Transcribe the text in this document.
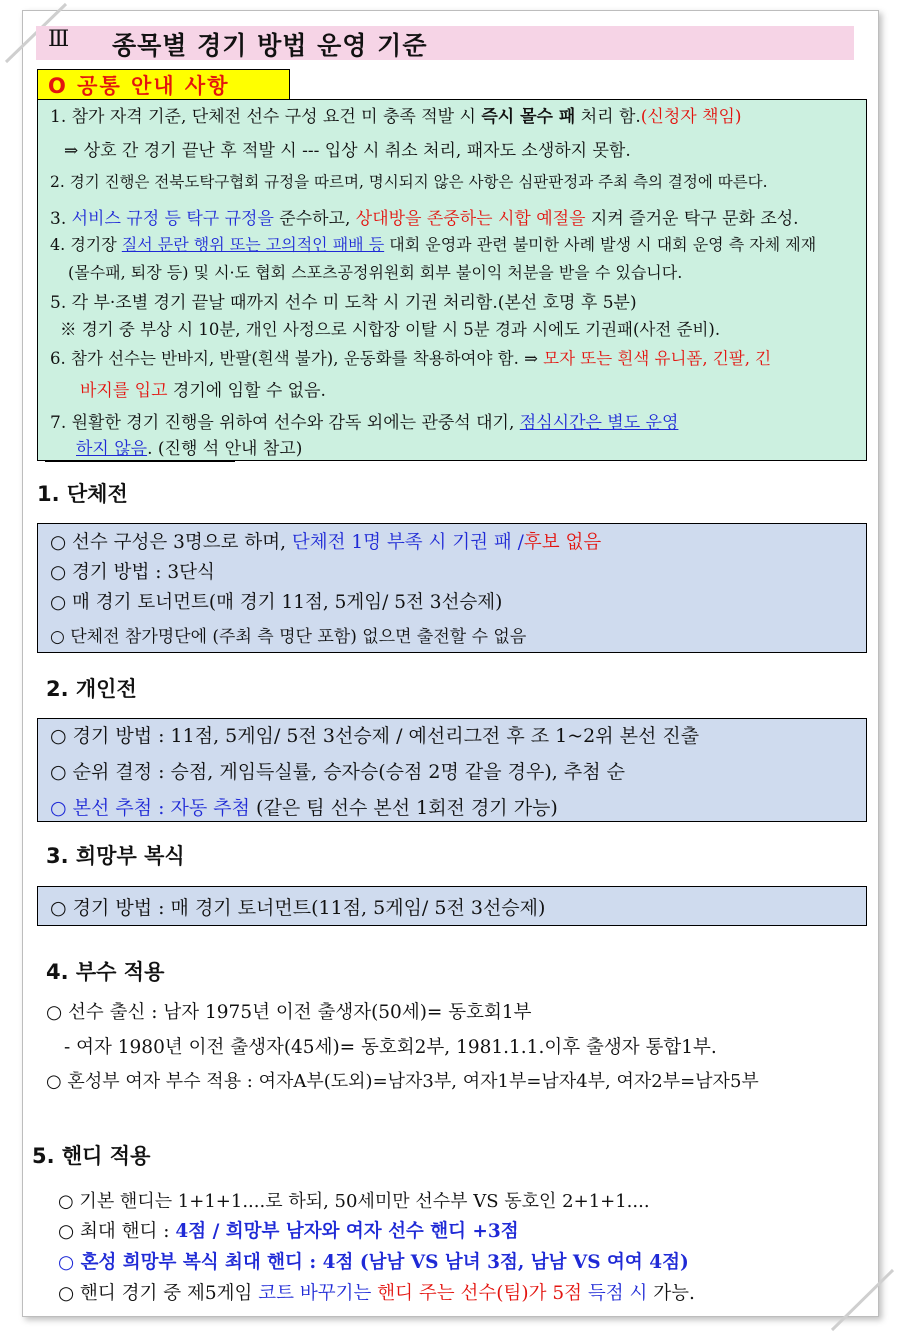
Ⅲ 종목별 경기 방법 운영 기준
O 공통 안내 사항
1. 참가 자격 기준, 단체전 선수 구성 요건 미 충족 적발 시 즉시 몰수 패 처리 함.(신청자 책임)
⇒ 상호 간 경기 끝난 후 적발 시 --- 입상 시 취소 처리, 패자도 소생하지 못함.
2. 경기 진행은 전북도탁구협회 규정을 따르며, 명시되지 않은 사항은 심판판정과 주최 측의 결정에 따른다.
3. 서비스 규정 등 탁구 규정을 준수하고, 상대방을 존중하는 시합 예절을 지켜 즐거운 탁구 문화 조성.
4. 경기장 질서 문란 행위 또는 고의적인 패배 등 대회 운영과 관련 불미한 사례 발생 시 대회 운영 측 자체 제재
(몰수패, 퇴장 등) 및 시·도 협회 스포츠공정위원회 회부 불이익 처분을 받을 수 있습니다.
5. 각 부·조별 경기 끝날 때까지 선수 미 도착 시 기권 처리함.(본선 호명 후 5분)
※ 경기 중 부상 시 10분, 개인 사정으로 시합장 이탈 시 5분 경과 시에도 기권패(사전 준비).
6. 참가 선수는 반바지, 반팔(흰색 불가), 운동화를 착용하여야 함. ⇒ 모자 또는 흰색 유니폼, 긴팔, 긴
바지를 입고 경기에 임할 수 없음.
7. 원활한 경기 진행을 위하여 선수와 감독 외에는 관중석 대기, 점심시간은 별도 운영
하지 않음. (진행 석 안내 참고)
1. 단체전
○ 선수 구성은 3명으로 하며, 단체전 1명 부족 시 기권 패 /후보 없음
○ 경기 방법 : 3단식
○ 매 경기 토너먼트(매 경기 11점, 5게임/ 5전 3선승제)
○ 단체전 참가명단에 (주최 측 명단 포함) 없으면 출전할 수 없음
2. 개인전
○ 경기 방법 : 11점, 5게임/ 5전 3선승제 / 예선리그전 후 조 1~2위 본선 진출
○ 순위 결정 : 승점, 게임득실률, 승자승(승점 2명 같을 경우), 추첨 순
○ 본선 추첨 : 자동 추첨 (같은 팀 선수 본선 1회전 경기 가능)
3. 희망부 복식
○ 경기 방법 : 매 경기 토너먼트(11점, 5게임/ 5전 3선승제)
4. 부수 적용
○ 선수 출신 : 남자 1975년 이전 출생자(50세)= 동호회1부
- 여자 1980년 이전 출생자(45세)= 동호회2부, 1981.1.1.이후 출생자 통합1부.
○ 혼성부 여자 부수 적용 : 여자A부(도외)=남자3부, 여자1부=남자4부, 여자2부=남자5부
5. 핸디 적용
○ 기본 핸디는 1+1+1....로 하되, 50세미만 선수부 VS 동호인 2+1+1....
○ 최대 핸디 : 4점 / 희망부 남자와 여자 선수 핸디 +3점
○ 혼성 희망부 복식 최대 핸디 : 4점 (남남 VS 남녀 3점, 남남 VS 여여 4점)
○ 핸디 경기 중 제5게임 코트 바꾸기는 핸디 주는 선수(팀)가 5점 득점 시 가능.
